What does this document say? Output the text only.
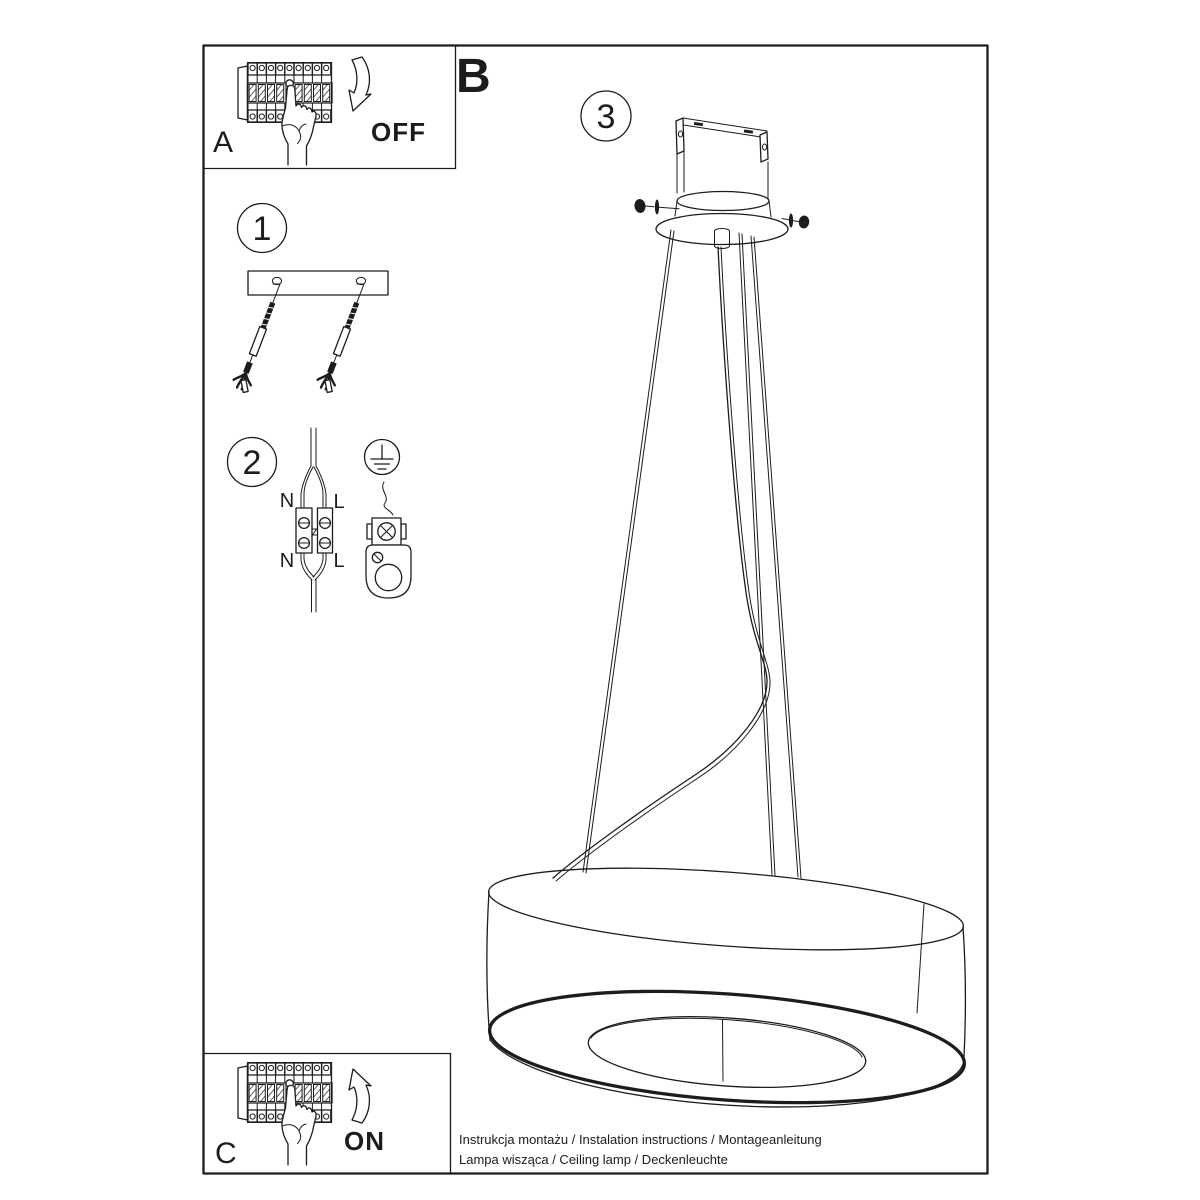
OFF
A
B
1
2
3
N L
N L
ON
C	Instrukcja montażu / Instalation instructions / Montageanleitung
Lampa wisząca / Ceiling lamp / Deckenleuchte
